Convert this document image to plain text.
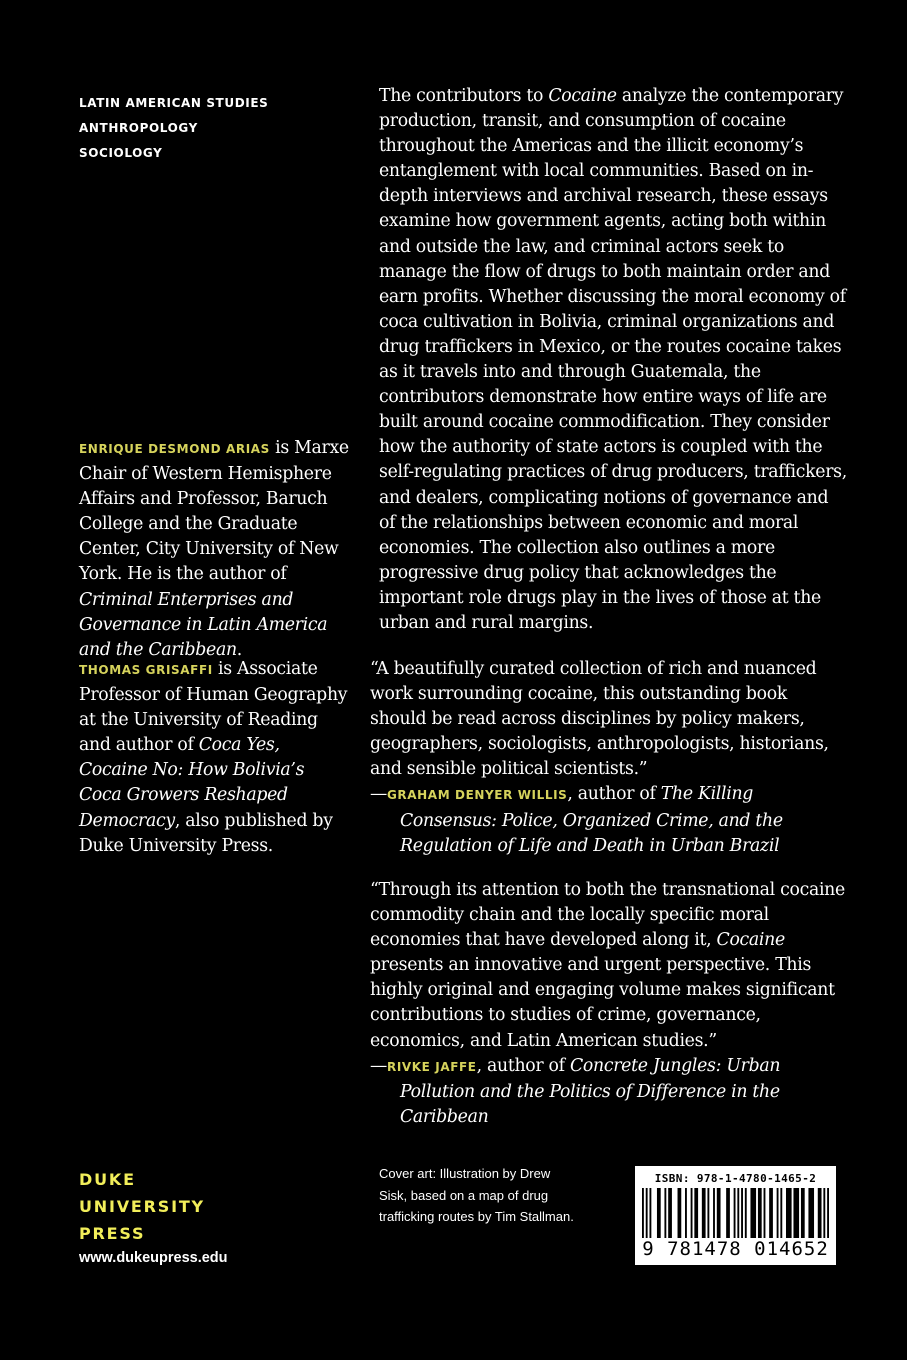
LATIN AMERICAN STUDIES
ANTHROPOLOGY
SOCIOLOGY
The contributors to Cocaine analyze the contemporary production, transit, and consumption of cocaine throughout the Americas and the illicit economy’s entanglement with local communities. Based on in-depth interviews and archival research, these essays examine how government agents, acting both within and outside the law, and criminal actors seek to manage the flow of drugs to both maintain order and earn profits. Whether discussing the moral economy of coca cultivation in Bolivia, criminal organizations and drug traffickers in Mexico, or the routes cocaine takes as it travels into and through Guatemala, the contributors demonstrate how entire ways of life are built around cocaine commodification. They consider how the authority of state actors is coupled with the self-regulating practices of drug producers, traffickers, and dealers, complicating notions of governance and of the relationships between economic and moral economies. The collection also outlines a more progressive drug policy that acknowledges the important role drugs play in the lives of those at the urban and rural margins.
ENRIQUE DESMOND ARIAS is Marxe Chair of Western Hemisphere Affairs and Professor, Baruch College and the Graduate Center, City University of New York. He is the author of Criminal Enterprises and Governance in Latin America and the Caribbean.
THOMAS GRISAFFI is Associate Professor of Human Geography at the University of Reading and author of Coca Yes, Cocaine No: How Bolivia’s Coca Growers Reshaped Democracy, also published by Duke University Press.
“A beautifully curated collection of rich and nuanced work surrounding cocaine, this outstanding book should be read across disciplines by policy makers, geographers, sociologists, anthropologists, historians, and sensible political scientists.”
—GRAHAM DENYER WILLIS, author of The Killing Consensus: Police, Organized Crime, and the Regulation of Life and Death in Urban Brazil
“Through its attention to both the transnational cocaine commodity chain and the locally specific moral economies that have developed along it, Cocaine presents an innovative and urgent perspective. This highly original and engaging volume makes significant contributions to studies of crime, governance, economics, and Latin American studies.”
—RIVKE JAFFE, author of Concrete Jungles: Urban Pollution and the Politics of Difference in the Caribbean
DUKE
UNIVERSITY
PRESS
www.dukeupress.edu
Cover art: Illustration by Drew Sisk, based on a map of drug trafficking routes by Tim Stallman.
ISBN: 978-1-4780-1465-2
9 781478 014652
